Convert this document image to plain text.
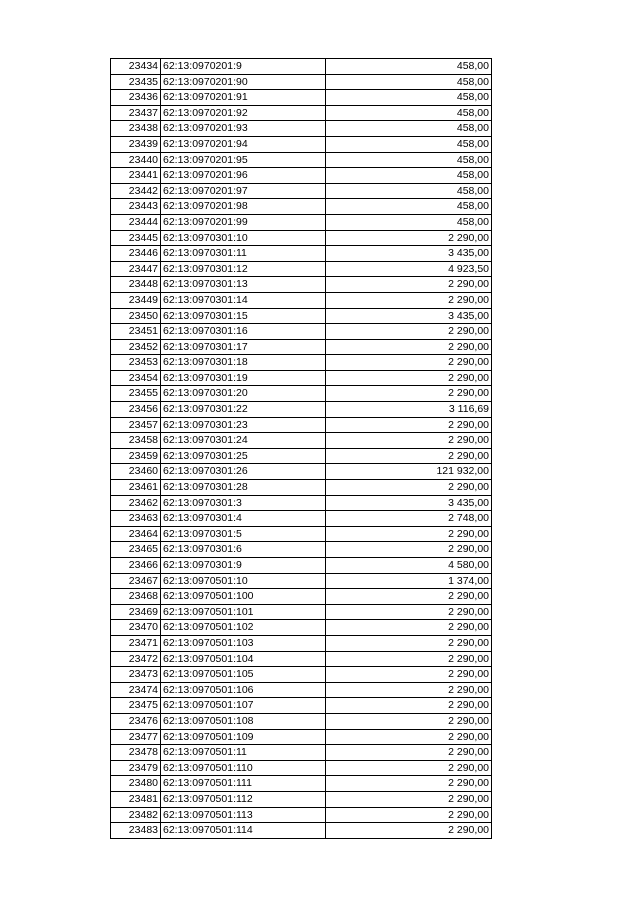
23434	62:13:0970201:9	458,00
23435	62:13:0970201:90	458,00
23436	62:13:0970201:91	458,00
23437	62:13:0970201:92	458,00
23438	62:13:0970201:93	458,00
23439	62:13:0970201:94	458,00
23440	62:13:0970201:95	458,00
23441	62:13:0970201:96	458,00
23442	62:13:0970201:97	458,00
23443	62:13:0970201:98	458,00
23444	62:13:0970201:99	458,00
23445	62:13:0970301:10	2 290,00
23446	62:13:0970301:11	3 435,00
23447	62:13:0970301:12	4 923,50
23448	62:13:0970301:13	2 290,00
23449	62:13:0970301:14	2 290,00
23450	62:13:0970301:15	3 435,00
23451	62:13:0970301:16	2 290,00
23452	62:13:0970301:17	2 290,00
23453	62:13:0970301:18	2 290,00
23454	62:13:0970301:19	2 290,00
23455	62:13:0970301:20	2 290,00
23456	62:13:0970301:22	3 116,69
23457	62:13:0970301:23	2 290,00
23458	62:13:0970301:24	2 290,00
23459	62:13:0970301:25	2 290,00
23460	62:13:0970301:26	121 932,00
23461	62:13:0970301:28	2 290,00
23462	62:13:0970301:3	3 435,00
23463	62:13:0970301:4	2 748,00
23464	62:13:0970301:5	2 290,00
23465	62:13:0970301:6	2 290,00
23466	62:13:0970301:9	4 580,00
23467	62:13:0970501:10	1 374,00
23468	62:13:0970501:100	2 290,00
23469	62:13:0970501:101	2 290,00
23470	62:13:0970501:102	2 290,00
23471	62:13:0970501:103	2 290,00
23472	62:13:0970501:104	2 290,00
23473	62:13:0970501:105	2 290,00
23474	62:13:0970501:106	2 290,00
23475	62:13:0970501:107	2 290,00
23476	62:13:0970501:108	2 290,00
23477	62:13:0970501:109	2 290,00
23478	62:13:0970501:11	2 290,00
23479	62:13:0970501:110	2 290,00
23480	62:13:0970501:111	2 290,00
23481	62:13:0970501:112	2 290,00
23482	62:13:0970501:113	2 290,00
23483	62:13:0970501:114	2 290,00
